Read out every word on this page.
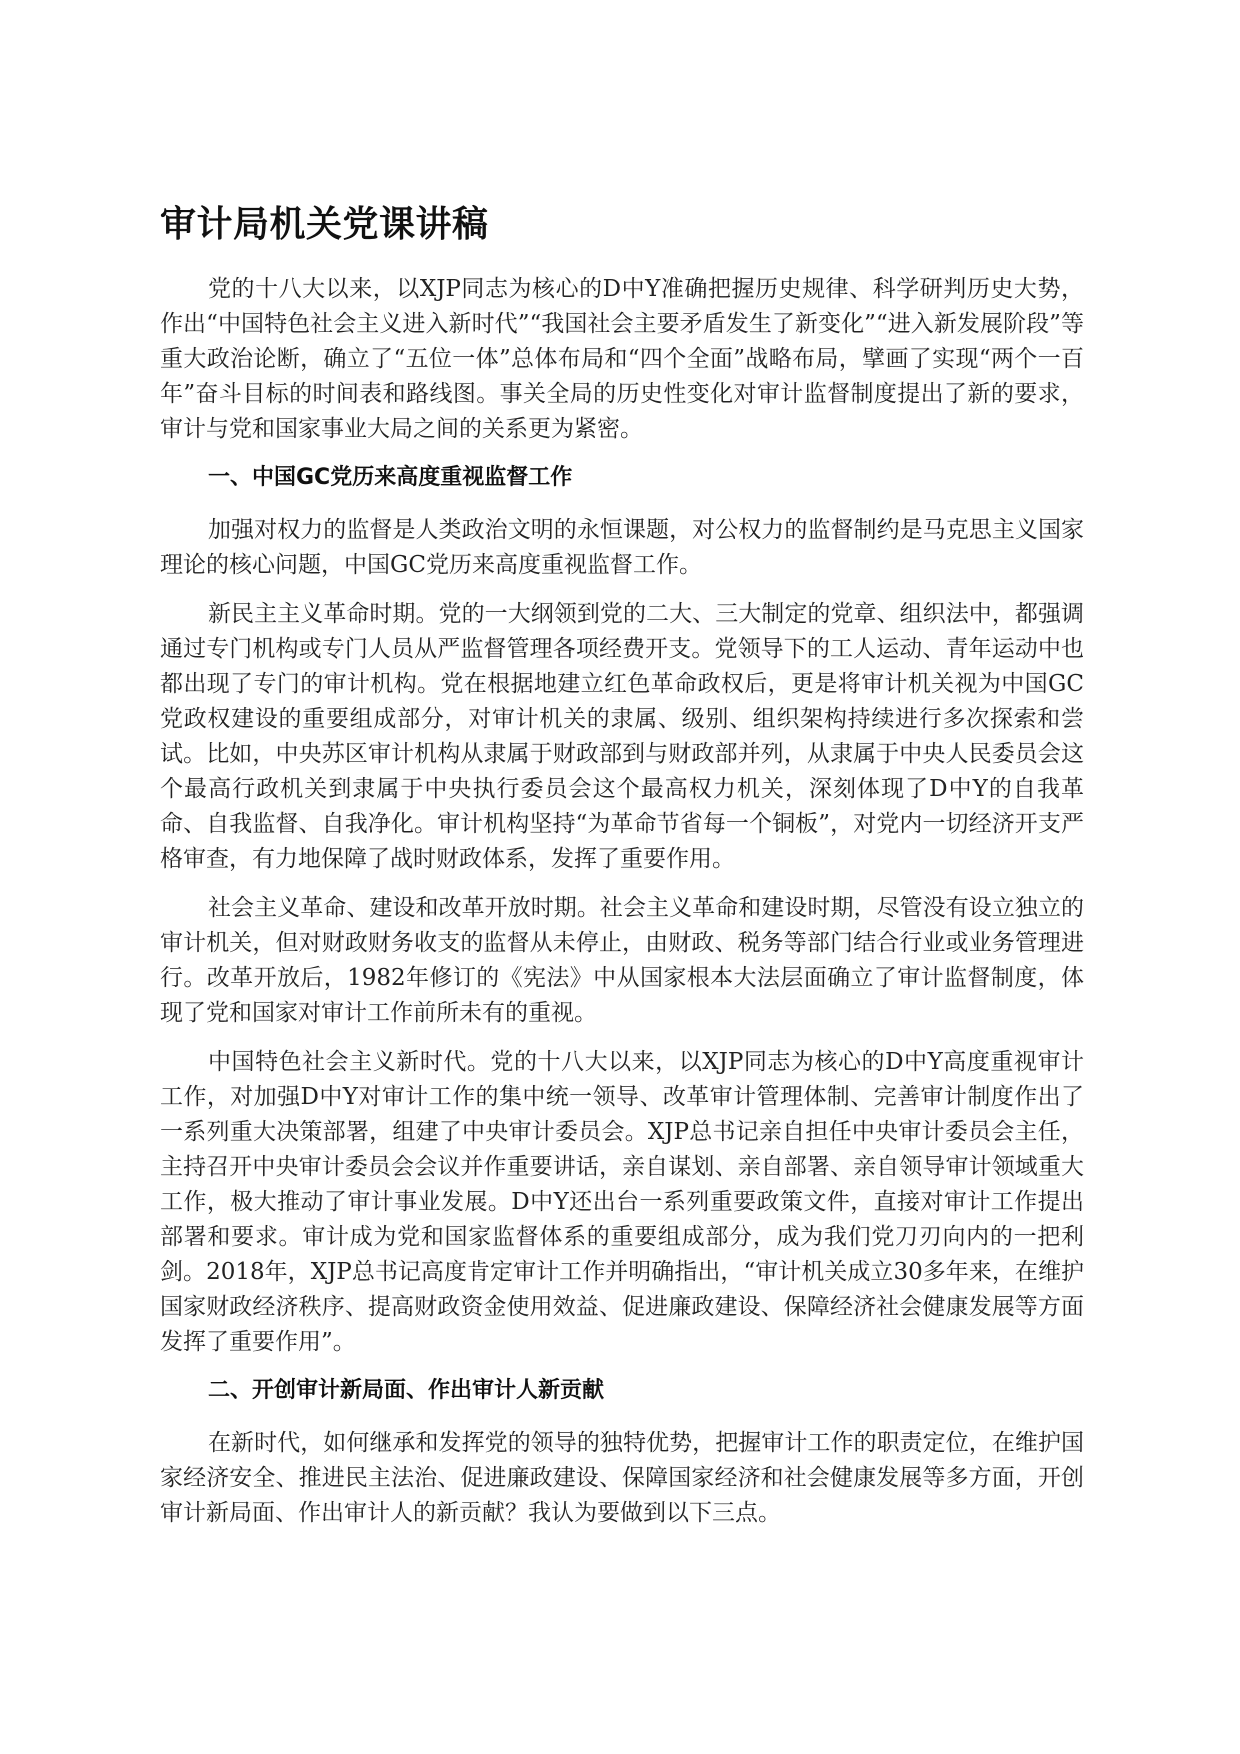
审计局机关党课讲稿

党的十八大以来，以XJP同志为核心的D中Y准确把握历史规律、科学研判历史大势，作出“中国特色社会主义进入新时代”“我国社会主要矛盾发生了新变化”“进入新发展阶段”等重大政治论断，确立了“五位一体”总体布局和“四个全面”战略布局，擘画了实现“两个一百年”奋斗目标的时间表和路线图。事关全局的历史性变化对审计监督制度提出了新的要求，审计与党和国家事业大局之间的关系更为紧密。

一、中国GC党历来高度重视监督工作

加强对权力的监督是人类政治文明的永恒课题，对公权力的监督制约是马克思主义国家理论的核心问题，中国GC党历来高度重视监督工作。

新民主主义革命时期。党的一大纲领到党的二大、三大制定的党章、组织法中，都强调通过专门机构或专门人员从严监督管理各项经费开支。党领导下的工人运动、青年运动中也都出现了专门的审计机构。党在根据地建立红色革命政权后，更是将审计机关视为中国GC党政权建设的重要组成部分，对审计机关的隶属、级别、组织架构持续进行多次探索和尝试。比如，中央苏区审计机构从隶属于财政部到与财政部并列，从隶属于中央人民委员会这个最高行政机关到隶属于中央执行委员会这个最高权力机关，深刻体现了D中Y的自我革命、自我监督、自我净化。审计机构坚持“为革命节省每一个铜板”，对党内一切经济开支严格审查，有力地保障了战时财政体系，发挥了重要作用。

社会主义革命、建设和改革开放时期。社会主义革命和建设时期，尽管没有设立独立的审计机关，但对财政财务收支的监督从未停止，由财政、税务等部门结合行业或业务管理进行。改革开放后，1982年修订的《宪法》中从国家根本大法层面确立了审计监督制度，体现了党和国家对审计工作前所未有的重视。

中国特色社会主义新时代。党的十八大以来，以XJP同志为核心的D中Y高度重视审计工作，对加强D中Y对审计工作的集中统一领导、改革审计管理体制、完善审计制度作出了一系列重大决策部署，组建了中央审计委员会。XJP总书记亲自担任中央审计委员会主任，主持召开中央审计委员会会议并作重要讲话，亲自谋划、亲自部署、亲自领导审计领域重大工作，极大推动了审计事业发展。D中Y还出台一系列重要政策文件，直接对审计工作提出部署和要求。审计成为党和国家监督体系的重要组成部分，成为我们党刀刃向内的一把利剑。2018年，XJP总书记高度肯定审计工作并明确指出，“审计机关成立30多年来，在维护国家财政经济秩序、提高财政资金使用效益、促进廉政建设、保障经济社会健康发展等方面发挥了重要作用”。

二、开创审计新局面、作出审计人新贡献

在新时代，如何继承和发挥党的领导的独特优势，把握审计工作的职责定位，在维护国家经济安全、推进民主法治、促进廉政建设、保障国家经济和社会健康发展等多方面，开创审计新局面、作出审计人的新贡献？我认为要做到以下三点。
